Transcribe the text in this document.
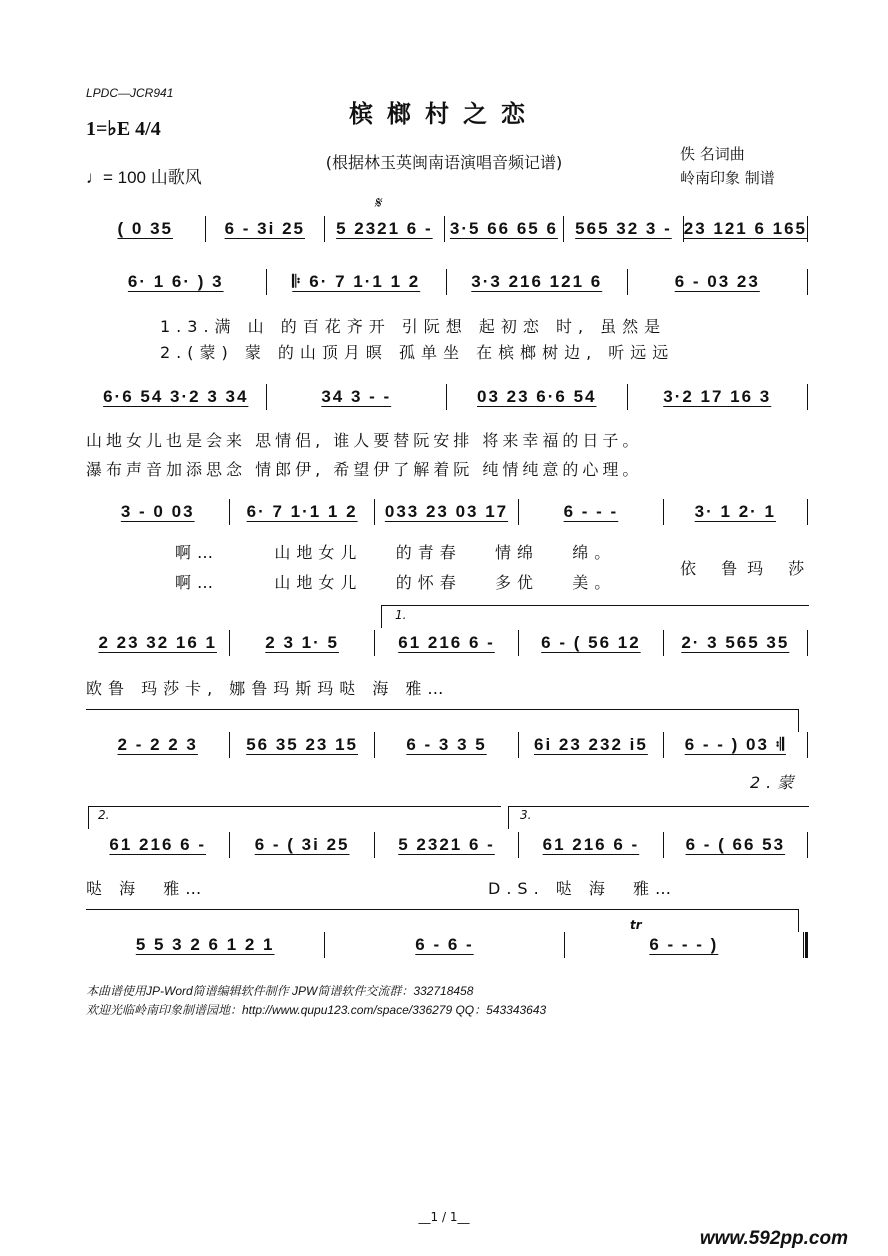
LPDC—JCR941
槟榔村之恋
1=♭E 4/4
♩= 100 山歌风
(根据林玉英闽南语演唱音频记谱)	佚 名词曲
岭南印象 制谱
𝄋
( 0 35	6 - 3i 25	5 2321 6 -	3·5 66 65 6	565 32 3 - 23 121 6 165
6· 1 6· ) 3	𝄆 6· 7 1·1 1 2	3·3 216 121 6	6 - 03 23
1.3.满 山 的百花齐开 引阮想 起初恋 时, 虽然是
2.(蒙) 蒙 的山顶月暝 孤单坐 在槟榔树边, 听远远
6·6 54 3·2 3 34	34 3 - -	03 23 6·6 54	3·2 17 16 3
山地女儿也是会来 思情侣, 谁人要替阮安排 将来幸福的日子。
瀑布声音加添思念 情郎伊, 希望伊了解着阮 纯情纯意的心理。
3 - 0 03	6· 7 1·1 1 2	033 23 03 17	6 - - -	3· 1 2· 1
啊…     山地女儿   的青春   情绵   绵。
啊…     山地女儿   的怀春   多优   美。
依 鲁玛 莎
1.
2 23 32 16 1	2 3 1· 5	61 216 6 -	6 - ( 56 12	2· 3 565 35
欧鲁 玛莎卡, 娜鲁玛斯玛哒 海 雅…
2 - 2 2 3	56 35 23 15	6 - 3 3 5	6i 23 232 i5	6 - - ) 03 𝄇
2.蒙
2.	3.
61 216 6 -	6 - ( 3i 25	5 2321 6 -	61 216 6 -	6 - ( 66 53
哒 海  雅…	D.S. 哒 海  雅…
tr
5 5 3 2 6 1 2 1	6 - 6 -	6 - - - )
本曲谱使用JP-Word简谱编辑软件制作 JPW简谱软件交流群：332718458
欢迎光临岭南印象制谱园地：http://www.qupu123.com/space/336279 QQ：543343643
__1 / 1__
www.592pp.com
